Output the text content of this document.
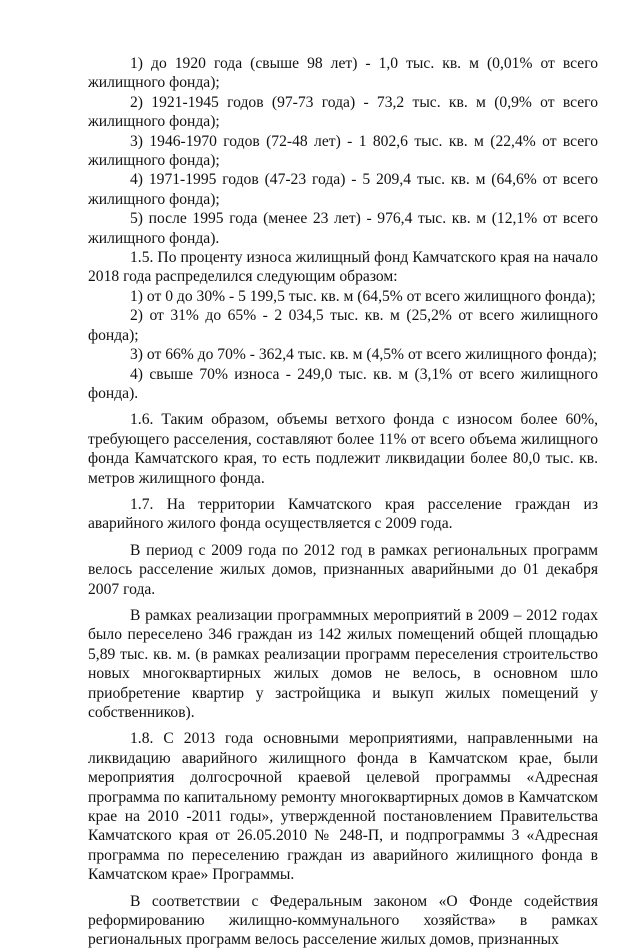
1) до 1920 года (свыше 98 лет) - 1,0 тыс. кв. м (0,01% от всего жилищного фонда);

2) 1921-1945 годов (97-73 года) - 73,2 тыс. кв. м (0,9% от всего жилищного фонда);

3) 1946-1970 годов (72-48 лет) - 1 802,6 тыс. кв. м (22,4% от всего жилищного фонда);

4) 1971-1995 годов (47-23 года) - 5 209,4 тыс. кв. м (64,6% от всего жилищного фонда);

5) после 1995 года (менее 23 лет) - 976,4 тыс. кв. м (12,1% от всего жилищного фонда).

1.5. По проценту износа жилищный фонд Камчатского края на начало 2018 года распределился следующим образом:

1) от 0 до 30% - 5 199,5 тыс. кв. м (64,5% от всего жилищного фонда);

2) от 31% до 65% - 2 034,5 тыс. кв. м (25,2% от всего жилищного фонда);

3) от 66% до 70% - 362,4 тыс. кв. м (4,5% от всего жилищного фонда);

4) свыше 70% износа - 249,0 тыс. кв. м (3,1% от всего жилищного фонда).

1.6. Таким образом, объемы ветхого фонда с износом более 60%, требующего расселения, составляют более 11% от всего объема жилищного фонда Камчатского края, то есть подлежит ликвидации более 80,0 тыс. кв. метров жилищного фонда.

1.7. На территории Камчатского края расселение граждан из аварийного жилого фонда осуществляется с 2009 года.

В период с 2009 года по 2012 год в рамках региональных программ велось расселение жилых домов, признанных аварийными до 01 декабря 2007 года.

В рамках реализации программных мероприятий в 2009 – 2012 годах было переселено 346 граждан из 142 жилых помещений общей площадью 5,89 тыс. кв. м. (в рамках реализации программ переселения строительство новых многоквартирных жилых домов не велось, в основном шло приобретение квартир у застройщика и выкуп жилых помещений у собственников).

1.8. С 2013 года основными мероприятиями, направленными на ликвидацию аварийного жилищного фонда в Камчатском крае, были мероприятия долгосрочной краевой целевой программы «Адресная программа по капитальному ремонту многоквартирных домов в Камчатском крае на 2010 -2011 годы», утвержденной постановлением Правительства Камчатского края от 26.05.2010 № 248-П, и подпрограммы 3 «Адресная программа по переселению граждан из аварийного жилищного фонда в Камчатском крае» Программы.

В соответствии с Федеральным законом «О Фонде содействия реформированию жилищно-коммунального хозяйства» в рамках региональных программ велось расселение жилых домов, признанных
